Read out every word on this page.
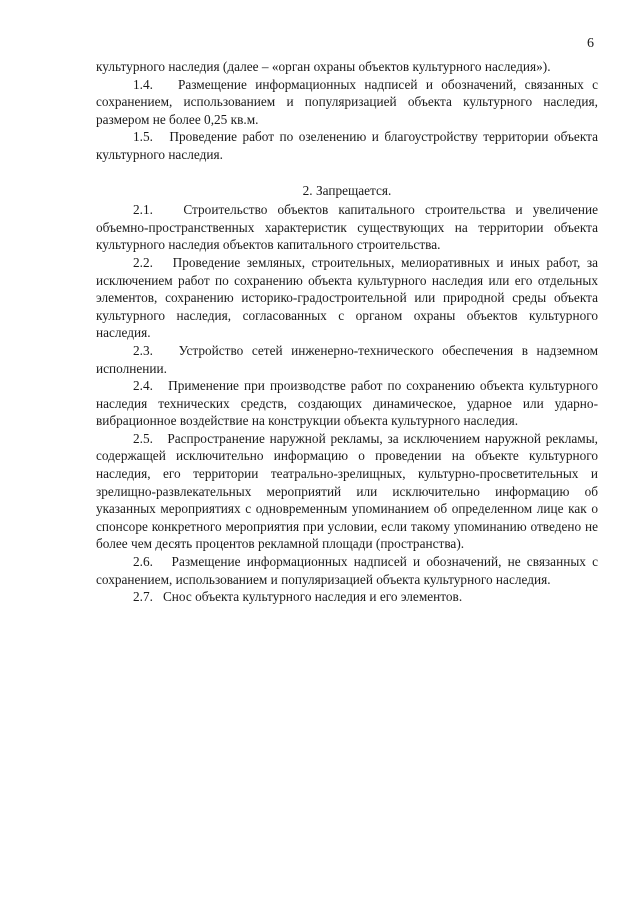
6

культурного наследия (далее – «орган охраны объектов культурного наследия»).

1.4. Размещение информационных надписей и обозначений, связанных с сохранением, использованием и популяризацией объекта культурного наследия, размером не более 0,25 кв.м.

1.5. Проведение работ по озеленению и благоустройству территории объекта культурного наследия.

2. Запрещается.

2.1. Строительство объектов капитального строительства и увеличение объемно-пространственных характеристик существующих на территории объекта культурного наследия объектов капитального строительства.

2.2. Проведение земляных, строительных, мелиоративных и иных работ, за исключением работ по сохранению объекта культурного наследия или его отдельных элементов, сохранению историко-градостроительной или природной среды объекта культурного наследия, согласованных с органом охраны объектов культурного наследия.

2.3. Устройство сетей инженерно-технического обеспечения в надземном исполнении.

2.4. Применение при производстве работ по сохранению объекта культурного наследия технических средств, создающих динамическое, ударное или ударно-вибрационное воздействие на конструкции объекта культурного наследия.

2.5. Распространение наружной рекламы, за исключением наружной рекламы, содержащей исключительно информацию о проведении на объекте культурного наследия, его территории театрально-зрелищных, культурно-просветительных и зрелищно-развлекательных мероприятий или исключительно информацию об указанных мероприятиях с одновременным упоминанием об определенном лице как о спонсоре конкретного мероприятия при условии, если такому упоминанию отведено не более чем десять процентов рекламной площади (пространства).

2.6. Размещение информационных надписей и обозначений, не связанных с сохранением, использованием и популяризацией объекта культурного наследия.

2.7. Снос объекта культурного наследия и его элементов.
